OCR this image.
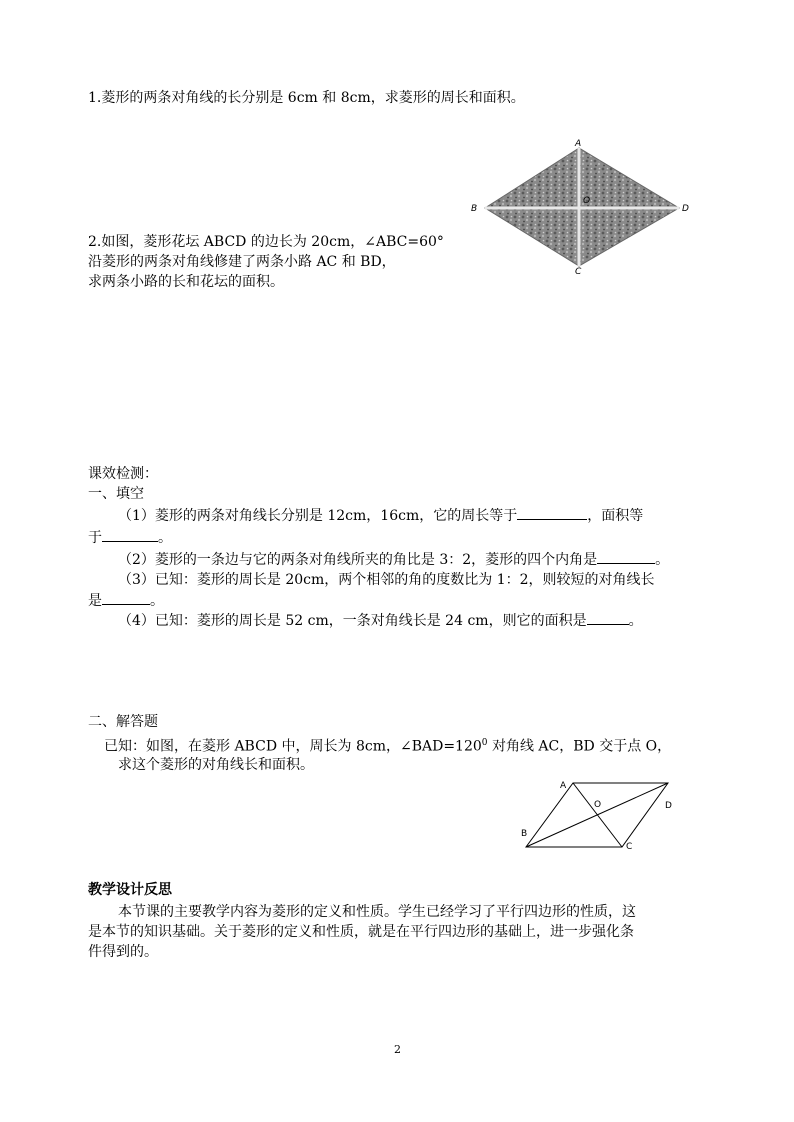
1.菱形的两条对角线的长分别是 6cm 和 8cm，求菱形的周长和面积。
A
B
C
D
O
2.如图，菱形花坛 ABCD 的边长为 20cm，∠ABC=60°
沿菱形的两条对角线修建了两条小路 AC 和 BD，
求两条小路的长和花坛的面积。
课效检测：
一、填空
（1）菱形的两条对角线长分别是 12cm，16cm，它的周长等于	，面积等
于	。
（2）菱形的一条边与它的两条对角线所夹的角比是 3：2，菱形的四个内角是	。
（3）已知：菱形的周长是 20cm，两个相邻的角的度数比为 1：2，则较短的对角线长
是	。
（4）已知：菱形的周长是 52 cm，一条对角线长是 24 cm，则它的面积是	。
二、解答题
已知：如图，在菱形 ABCD 中，周长为 8cm，$\angle BAD=120^0$ 对角线 AC，BD 交于点 O，
求这个菱形的对角线长和面积。
A
B
C
D
O
教学设计反思
本节课的主要教学内容为菱形的定义和性质。学生已经学习了平行四边形的性质，这
是本节的知识基础。关于菱形的定义和性质，就是在平行四边形的基础上，进一步强化条
件得到的。
2
